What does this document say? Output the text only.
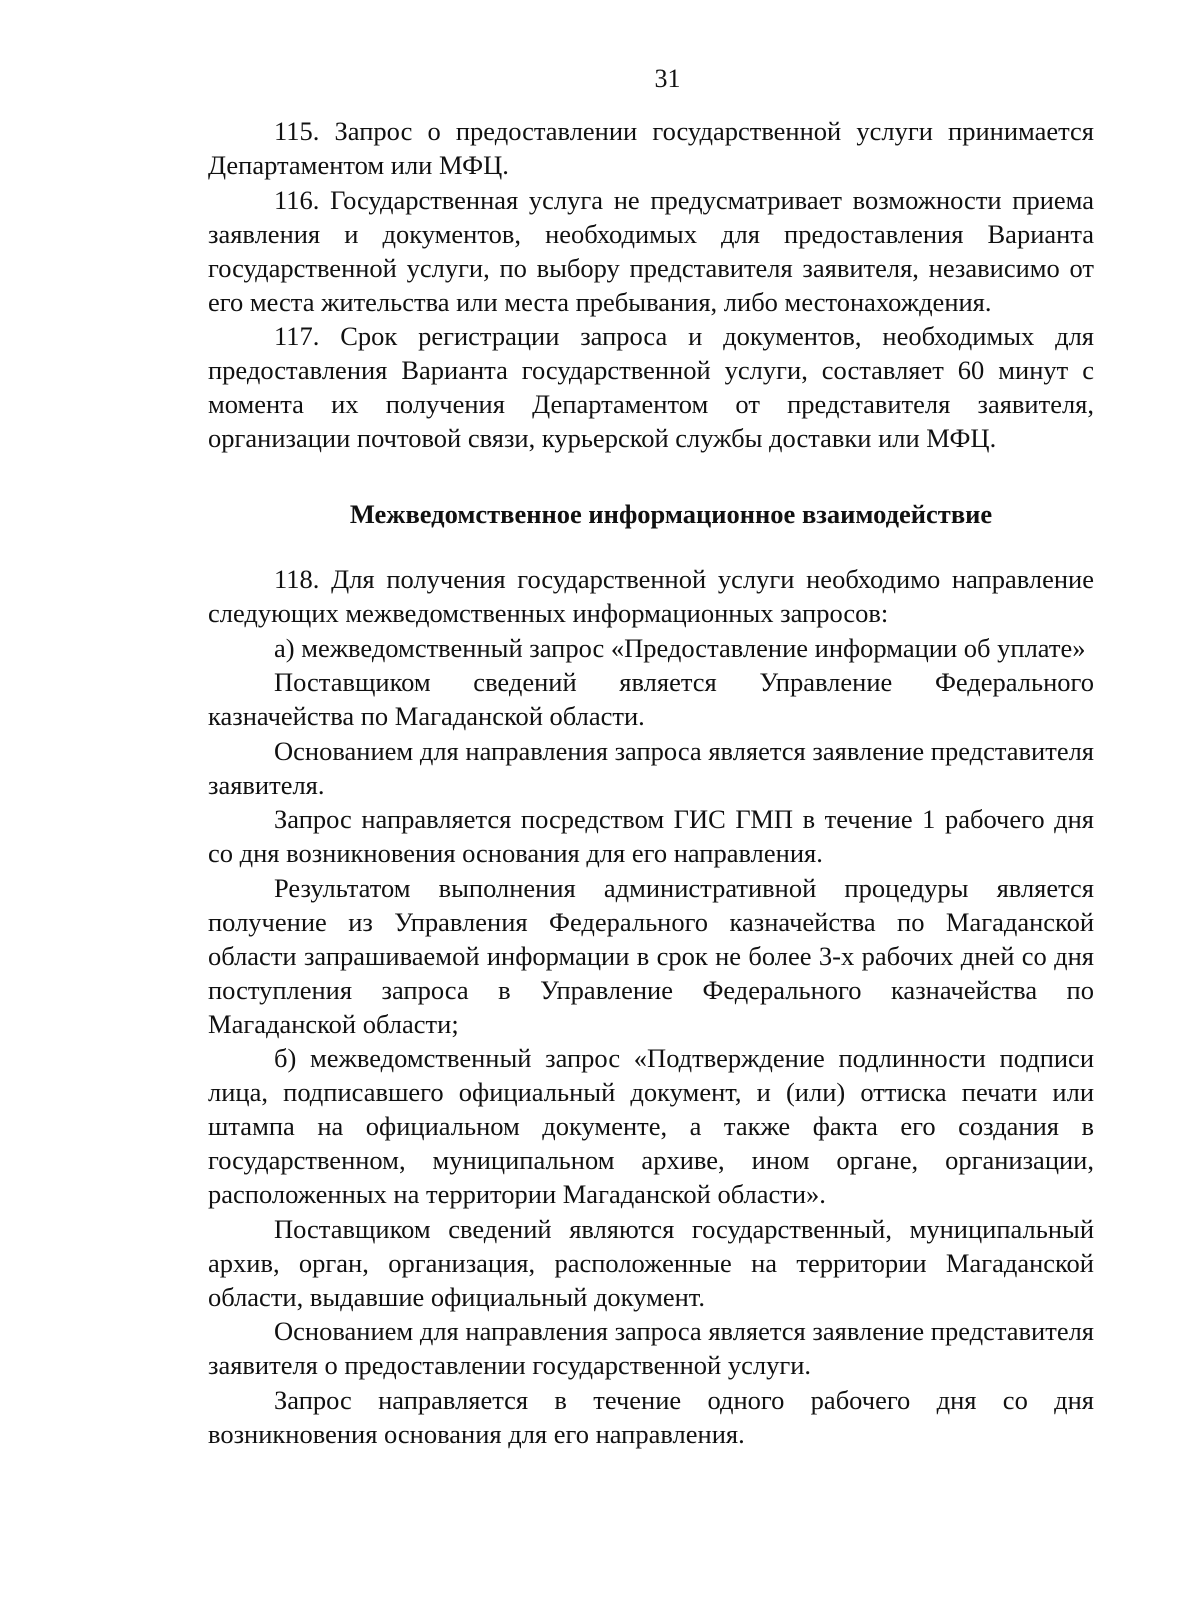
31

115. Запрос о предоставлении государственной услуги принимается Департаментом или МФЦ.

116. Государственная услуга не предусматривает возможности приема заявления и документов, необходимых для предоставления Варианта государственной услуги, по выбору представителя заявителя, независимо от его места жительства или места пребывания, либо местонахождения.

117. Срок регистрации запроса и документов, необходимых для предоставления Варианта государственной услуги, составляет 60 минут с момента их получения Департаментом от представителя заявителя, организации почтовой связи, курьерской службы доставки или МФЦ.

Межведомственное информационное взаимодействие

118. Для получения государственной услуги необходимо направление следующих межведомственных информационных запросов:

а) межведомственный запрос «Предоставление информации об уплате»

Поставщиком сведений является Управление Федерального казначейства по Магаданской области.

Основанием для направления запроса является заявление представителя заявителя.

Запрос направляется посредством ГИС ГМП в течение 1 рабочего дня со дня возникновения основания для его направления.

Результатом выполнения административной процедуры является получение из Управления Федерального казначейства по Магаданской области запрашиваемой информации в срок не более 3-х рабочих дней со дня поступления запроса в Управление Федерального казначейства по Магаданской области;

б) межведомственный запрос «Подтверждение подлинности подписи лица, подписавшего официальный документ, и (или) оттиска печати или штампа на официальном документе, а также факта его создания в государственном, муниципальном архиве, ином органе, организации, расположенных на территории Магаданской области».

Поставщиком сведений являются государственный, муниципальный архив, орган, организация, расположенные на территории Магаданской области, выдавшие официальный документ.

Основанием для направления запроса является заявление представителя заявителя о предоставлении государственной услуги.

Запрос направляется в течение одного рабочего дня со дня возникновения основания для его направления.
